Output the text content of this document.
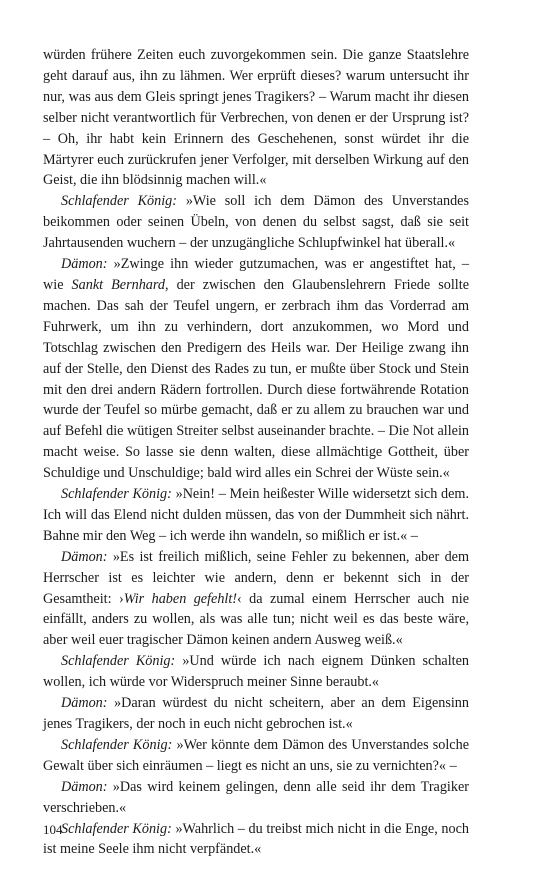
würden frühere Zeiten euch zuvorgekommen sein. Die ganze Staatslehre geht darauf aus, ihn zu lähmen. Wer erprüft dieses? warum untersucht ihr nur, was aus dem Gleis springt jenes Tragikers? – Warum macht ihr diesen selber nicht verantwortlich für Verbrechen, von denen er der Ursprung ist? – Oh, ihr habt kein Erinnern des Geschehenen, sonst würdet ihr die Märtyrer euch zurückrufen jener Verfolger, mit derselben Wirkung auf den Geist, die ihn blödsinnig machen will.«

Schlafender König: »Wie soll ich dem Dämon des Unverstandes beikommen oder seinen Übeln, von denen du selbst sagst, daß sie seit Jahrtausenden wuchern – der unzugängliche Schlupfwinkel hat überall.«

Dämon: »Zwinge ihn wieder gutzumachen, was er angestiftet hat, – wie Sankt Bernhard, der zwischen den Glaubenslehrern Friede sollte machen. Das sah der Teufel ungern, er zerbrach ihm das Vorderrad am Fuhrwerk, um ihn zu verhindern, dort anzukommen, wo Mord und Totschlag zwischen den Predigern des Heils war. Der Heilige zwang ihn auf der Stelle, den Dienst des Rades zu tun, er mußte über Stock und Stein mit den drei andern Rädern fortrollen. Durch diese fortwährende Rotation wurde der Teufel so mürbe gemacht, daß er zu allem zu brauchen war und auf Befehl die wütigen Streiter selbst auseinander brachte. – Die Not allein macht weise. So lasse sie denn walten, diese allmächtige Gottheit, über Schuldige und Unschuldige; bald wird alles ein Schrei der Wüste sein.«

Schlafender König: »Nein! – Mein heißester Wille widersetzt sich dem. Ich will das Elend nicht dulden müssen, das von der Dummheit sich nährt. Bahne mir den Weg – ich werde ihn wandeln, so mißlich er ist.« –

Dämon: »Es ist freilich mißlich, seine Fehler zu bekennen, aber dem Herrscher ist es leichter wie andern, denn er bekennt sich in der Gesamtheit: ›Wir haben gefehlt!‹ da zumal einem Herrscher auch nie einfällt, anders zu wollen, als was alle tun; nicht weil es das beste wäre, aber weil euer tragischer Dämon keinen andern Ausweg weiß.«

Schlafender König: »Und würde ich nach eignem Dünken schalten wollen, ich würde vor Widerspruch meiner Sinne beraubt.«

Dämon: »Daran würdest du nicht scheitern, aber an dem Eigensinn jenes Tragikers, der noch in euch nicht gebrochen ist.«

Schlafender König: »Wer könnte dem Dämon des Unverstandes solche Gewalt über sich einräumen – liegt es nicht an uns, sie zu vernichten?« –

Dämon: »Das wird keinem gelingen, denn alle seid ihr dem Tragiker verschrieben.«

Schlafender König: »Wahrlich – du treibst mich nicht in die Enge, noch ist meine Seele ihm nicht verpfändet.«

104
